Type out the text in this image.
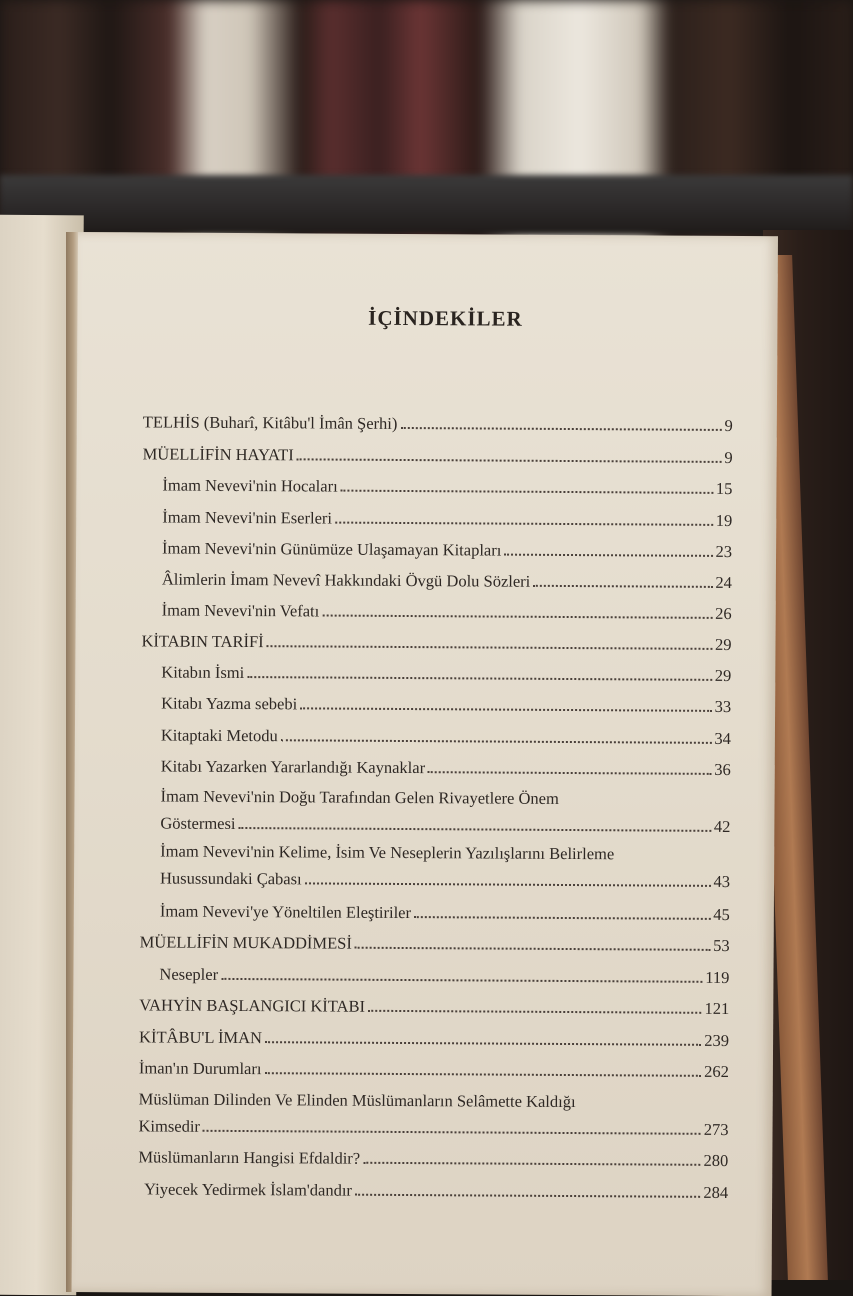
İÇİNDEKİLER
TELHİS (Buharî, Kitâbu'l İmân Şerhi)	9
MÜELLİFİN HAYATI	9
İmam Nevevi'nin Hocaları	15
İmam Nevevi'nin Eserleri	19
İmam Nevevi'nin Günümüze Ulaşamayan Kitapları	23
Âlimlerin İmam Nevevî Hakkındaki Övgü Dolu Sözleri	24
İmam Nevevi'nin Vefatı	26
KİTABIN TARİFİ	29
Kitabın İsmi	29
Kitabı Yazma sebebi	33
Kitaptaki Metodu	34
Kitabı Yazarken Yararlandığı Kaynaklar	36
İmam Nevevi'nin Doğu Tarafından Gelen Rivayetlere Önem
Göstermesi	42
İmam Nevevi'nin Kelime, İsim Ve Neseplerin Yazılışlarını Belirleme
Husussundaki Çabası	43
İmam Nevevi'ye Yöneltilen Eleştiriler	45
MÜELLİFİN MUKADDİMESİ	53
Nesepler	119
VAHYİN BAŞLANGICI KİTABI	121
KİTÂBU'L İMAN	239
İman'ın Durumları	262
Müslüman Dilinden Ve Elinden Müslümanların Selâmette Kaldığı
Kimsedir	273
Müslümanların Hangisi Efdaldir?	280
Yiyecek Yedirmek İslam'dandır	284
